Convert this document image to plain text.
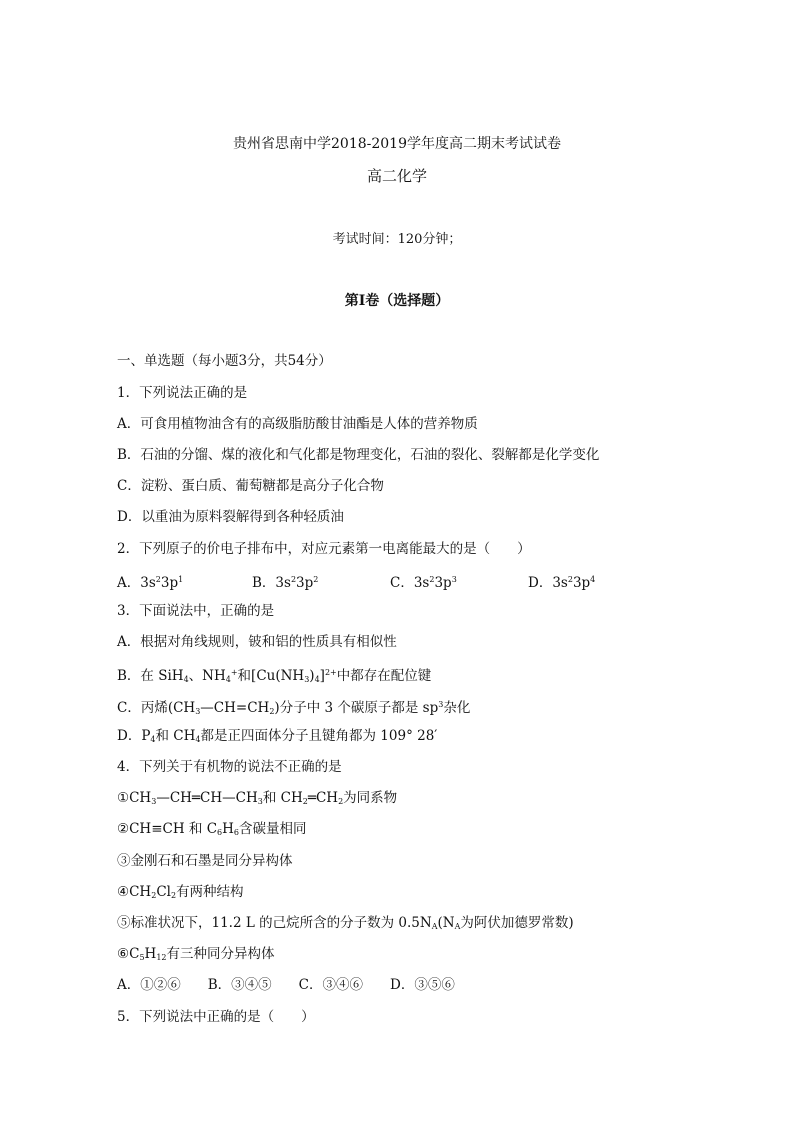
贵州省思南中学2018-2019学年度高二期末考试试卷
高二化学
考试时间：120分钟；
第Ⅰ卷（选择题）
一、单选题（每小题3分，共54分）
1．下列说法正确的是
A．可食用植物油含有的高级脂肪酸甘油酯是人体的营养物质
B．石油的分馏、煤的液化和气化都是物理变化，石油的裂化、裂解都是化学变化
C．淀粉、蛋白质、葡萄糖都是高分子化合物
D．以重油为原料裂解得到各种轻质油
2．下列原子的价电子排布中，对应元素第一电离能最大的是（　　）
A．$3s^23p^1$	B．$3s^23p^2$	C．$3s^23p^3$	D．$3s^23p^4$
3．下面说法中，正确的是
A．根据对角线规则，铍和铝的性质具有相似性
B．在 SiH$_4$、$NH_4^+$和$[Cu(NH_3)_4]^{2+}$中都存在配位键
C．丙烯$(CH_3—CH=CH_2)$分子中 3 个碳原子都是 $sp^3$杂化
D．$P_4$和 $CH_4$都是正四面体分子且键角都为 109° 28′
4．下列关于有机物的说法不正确的是
$①CH_3—CH═CH—CH_3$和 $CH_2═CH_2$为同系物
②CH≡CH 和 $C_6H_6$含碳量相同
③金刚石和石墨是同分异构体
$④CH_2Cl_2$有两种结构
⑤标准状况下，11.2 L 的己烷所含的分子数为 $0.5N_A(N_A$为阿伏加德罗常数)
$⑥C_5H_{12}$有三种同分异构体
A．①②⑥　　B．③④⑤　　C．③④⑥　　D．③⑤⑥
5．下列说法中正确的是（　　）
